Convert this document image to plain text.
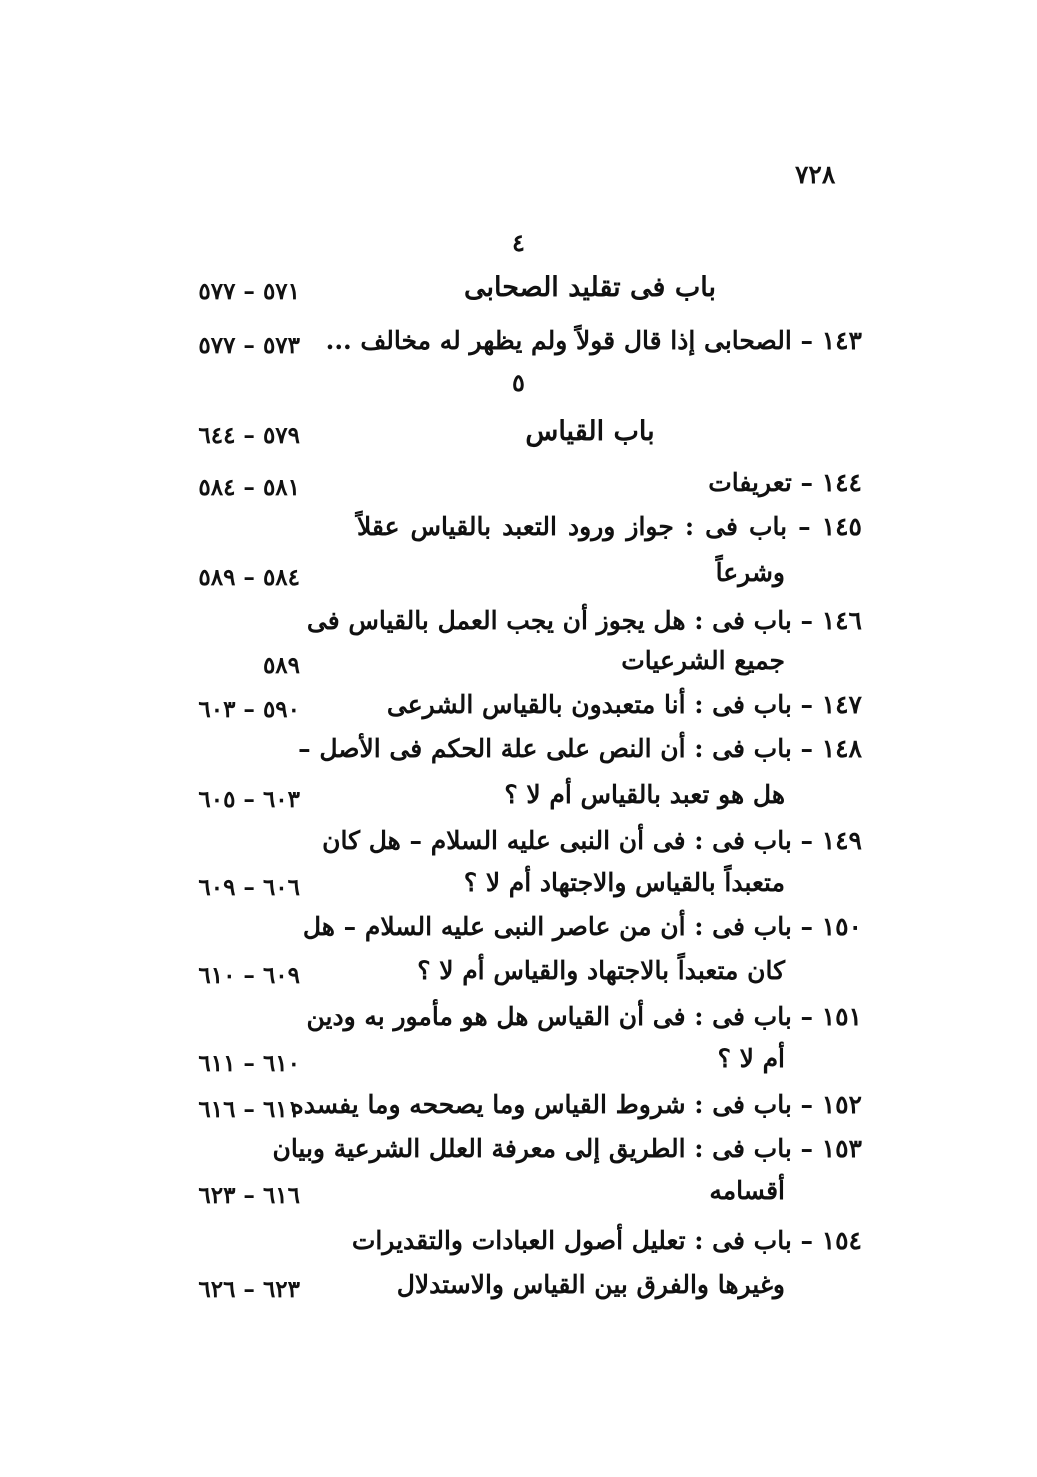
٧٢٨
٤
باب فى تقليد الصحابى
٥٧١ – ٥٧٧
١٤٣ – الصحابى إذا قال قولاً ولم يظهر له مخالف ...
٥٧٣ – ٥٧٧
٥
باب القياس
٥٧٩ – ٦٤٤
١٤٤ – تعريفات
٥٨١ – ٥٨٤
١٤٥ – باب فى : جواز ورود التعبد بالقياس عقلاً
وشرعاً
٥٨٤ – ٥٨٩
١٤٦ – باب فى : هل يجوز أن يجب العمل بالقياس فى
جميع الشرعيات
٥٨٩
١٤٧ – باب فى : أنا متعبدون بالقياس الشرعى
٥٩٠ – ٦٠٣
١٤٨ – باب فى : أن النص على علة الحكم فى الأصل –
هل هو تعبد بالقياس أم لا ؟
٦٠٣ – ٦٠٥
١٤٩ – باب فى : فى أن النبى عليه السلام – هل كان
متعبداً بالقياس والاجتهاد أم لا ؟
٦٠٦ – ٦٠٩
١٥٠ – باب فى : أن من عاصر النبى عليه السلام – هل
كان متعبداً بالاجتهاد والقياس أم لا ؟
٦٠٩ – ٦١٠
١٥١ – باب فى : فى أن القياس هل هو مأمور به ودين
أم لا ؟
٦١٠ – ٦١١
١٥٢ – باب فى : شروط القياس وما يصححه وما يفسده
٦١١ – ٦١٦
١٥٣ – باب فى : الطريق إلى معرفة العلل الشرعية وبيان
أقسامه
٦١٦ – ٦٢٣
١٥٤ – باب فى : تعليل أصول العبادات والتقديرات
وغيرها والفرق بين القياس والاستدلال
٦٢٣ – ٦٢٦
